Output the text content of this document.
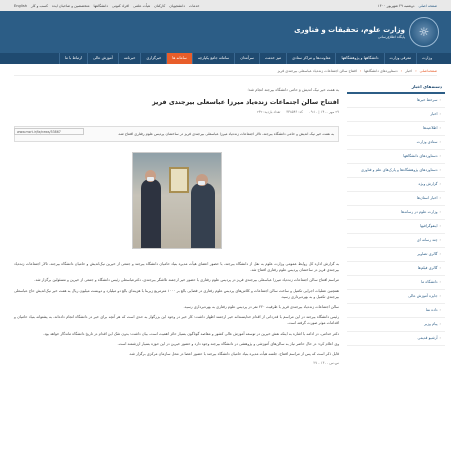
صفحه اصلی
دوشنبه ۲۹ شهریور ۱۴۰۰
خدمات
دانشجویان
کارکنان
هیأت علمی
افراد کنونی
دانشگاهها
متخصصین و صاحبان ایده
کسب و کار
English
☼
وزارت علوم، تحقیقات و فناوری
پایگاه اطلاع‌رسانی
وزارت
معرفی وزارت
دانشگاهها و پژوهشگاهها
معاونت‌ها و مراکز ستادی
میز خدمت
سرآمدان
سامانه جامع یکپارچه
سامانه ها
خبرگزاری
خبرنامه
آموزش عالی
ارتباط با ما
صفحه‌اصلی
‹
اخبار
‹
دستاوردهای دانشگاهها
‹
افتتاح سالن اجتماعات زنده‌یاد عباسعلی بیرجندی فریز
به همت خیر نیک اندیش و حامی دانشگاه بیرجند انجام شد؛
افتتاح سالن اجتماعات زنده‌یاد میرزا عباسعلی بیرجندی فریز
۲۹ مهر ۱۴۰۰ | ۰۹:۱۰
کد: ۳۳۸۵۴۶
تعداد بازدید: ۲۳۲
www.msrt.ir/fa/news/53867	به همت خیر نیک اندیش و حامی دانشگاه بیرجند، تالار اجتماعات زنده‌یاد میرزا عباسعلی بیرجندی فریز در ساختمان پردیس علوم رفتاری افتتاح شد.

به گزارش اداره کل روابط عمومی وزارت علوم به نقل از دانشگاه بیرجند، با حضور اعضای هیأت مدیره بنیاد حامیان دانشگاه بیرجند و جمعی از خیرین نیک‌اندیش و حامیان دانشگاه بیرجند، تالار اجتماعات زنده‌یاد بیرجندی فریز در ساختمان پردیس علوم رفتاری افتتاح شد.

مراسم افتتاح سالن اجتماعات زنده‌یاد میرزا عباسعلی بیرجندی فریز در پردیس علوم رفتاری با حضور خیر ارجمند تلاشگر بیرجندی، دکترعباسعلی رئیس دانشگاه و جمعی از خیرین و مسئولین برگزار شد.

همچنین عملیات اجرایی تکمیل و ساخت سالن اجتماعات و کلاس‌های پردیس علوم رفتاری در فضایی بالغ بر ۱۰۰۰ مترمربع زیربنا با هزینه‌ای بالغ دو میلیارد و دویست میلیون ریال به همت خیر نیک‌اندیش حاج عباسعلی بیرجندی تکمیل و به بهره‌برداری رسید.

سالن اجتماعات زنده‌یاد بیرجندی فریز با ظرفیت ۲۲۰ نفر در پردیس علوم رفتاری به بهره‌برداری رسید.

رئیس دانشگاه بیرجند در این مراسم با قدردانی از اقدام خداپسندانه خیر ارجمند اظهار داشت: کار خیر در وجود این بزرگوار به حدی است که هر آنچه برای خیر در دانشگاه انجام داده‌اند، به پشتوانه بنیاد حامیان و اقدامات موثر صورت گرفته است.

دکتر خدامی، در ادامه با اشاره به اینکه نقش خیرین در توسعه آموزش عالی کشور و مقاصد گوناگون بسیار حائز اهمیت است، بیان داشت: بدون شک این اقدام در تاریخ دانشگاه ماندگار خواهد بود.

وی اعلام کرد: در حال حاضر نیاز به سالن‌های آموزشی و پژوهشی در دانشگاه بیرجند وجود دارد و حضور خیرین در این حوزه بسیار ارزشمند است.

قابل ذکر است که پس از مراسم افتتاح، جلسه هیأت مدیره بنیاد حامیان دانشگاه بیرجند با حضور اعضا در محل سازمان مرکزی برگزار شد.

س.س ۱۴۰۰ - ۲۷
دسته‌های اخبار
‹سرخط خبرها
‹اخبار
‹اطلاعیه‌ها
‹ستادی وزارت
‹دستاوردهای دانشگاهها
‹دستاوردهای پژوهشگاه‌ها و پارک‌های علم و فناوری
‹گزارش ویژه
‹اخبار استان‌ها
‹وزارت علوم در رسانه‌ها
‹اینفوگرافیها
‹چند رسانه ای
‹گالری تصاویر
‹گالری فیلم‌ها
‹دانشگاه ما
‹جایزه آموزش عالی
‹داده نما
‹پیام وزیر
‹آرشیو قدیمی
